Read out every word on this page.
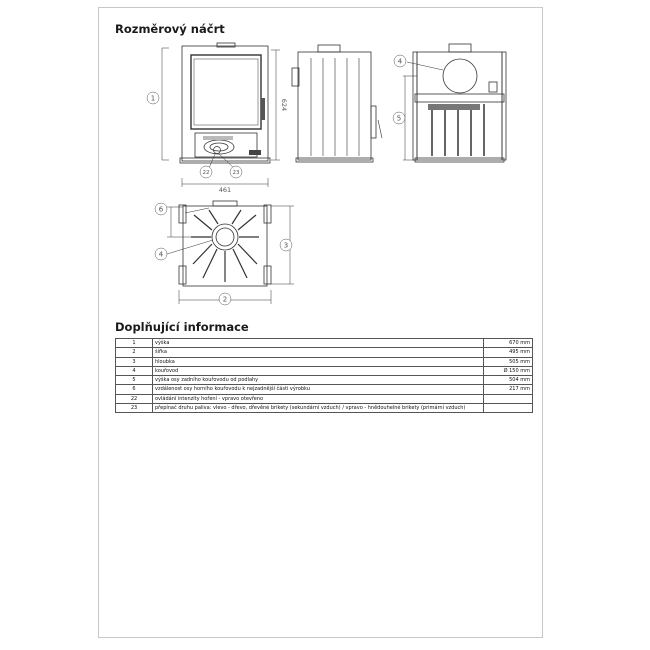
Rozměrový náčrt
1
2
3
4
4
5
6
22	23
461
624
Doplňující informace
1	výška	670 mm
2	šířka	495 mm
3	hloubka	505 mm
4	kouřovod	Ø 150 mm
5	výška osy zadního kouřovodu od podlahy	504 mm
6	vzdálenost osy horního kouřovodu k nejzadnější části výrobku	217 mm
22	ovládání intenzity hoření - vpravo otevřeno	
23	přepínač druhu paliva: vlevo - dřevo, dřevěné brikety (sekundární vzduch) / vpravo - hnědouhelné brikety (primární vzduch)	
